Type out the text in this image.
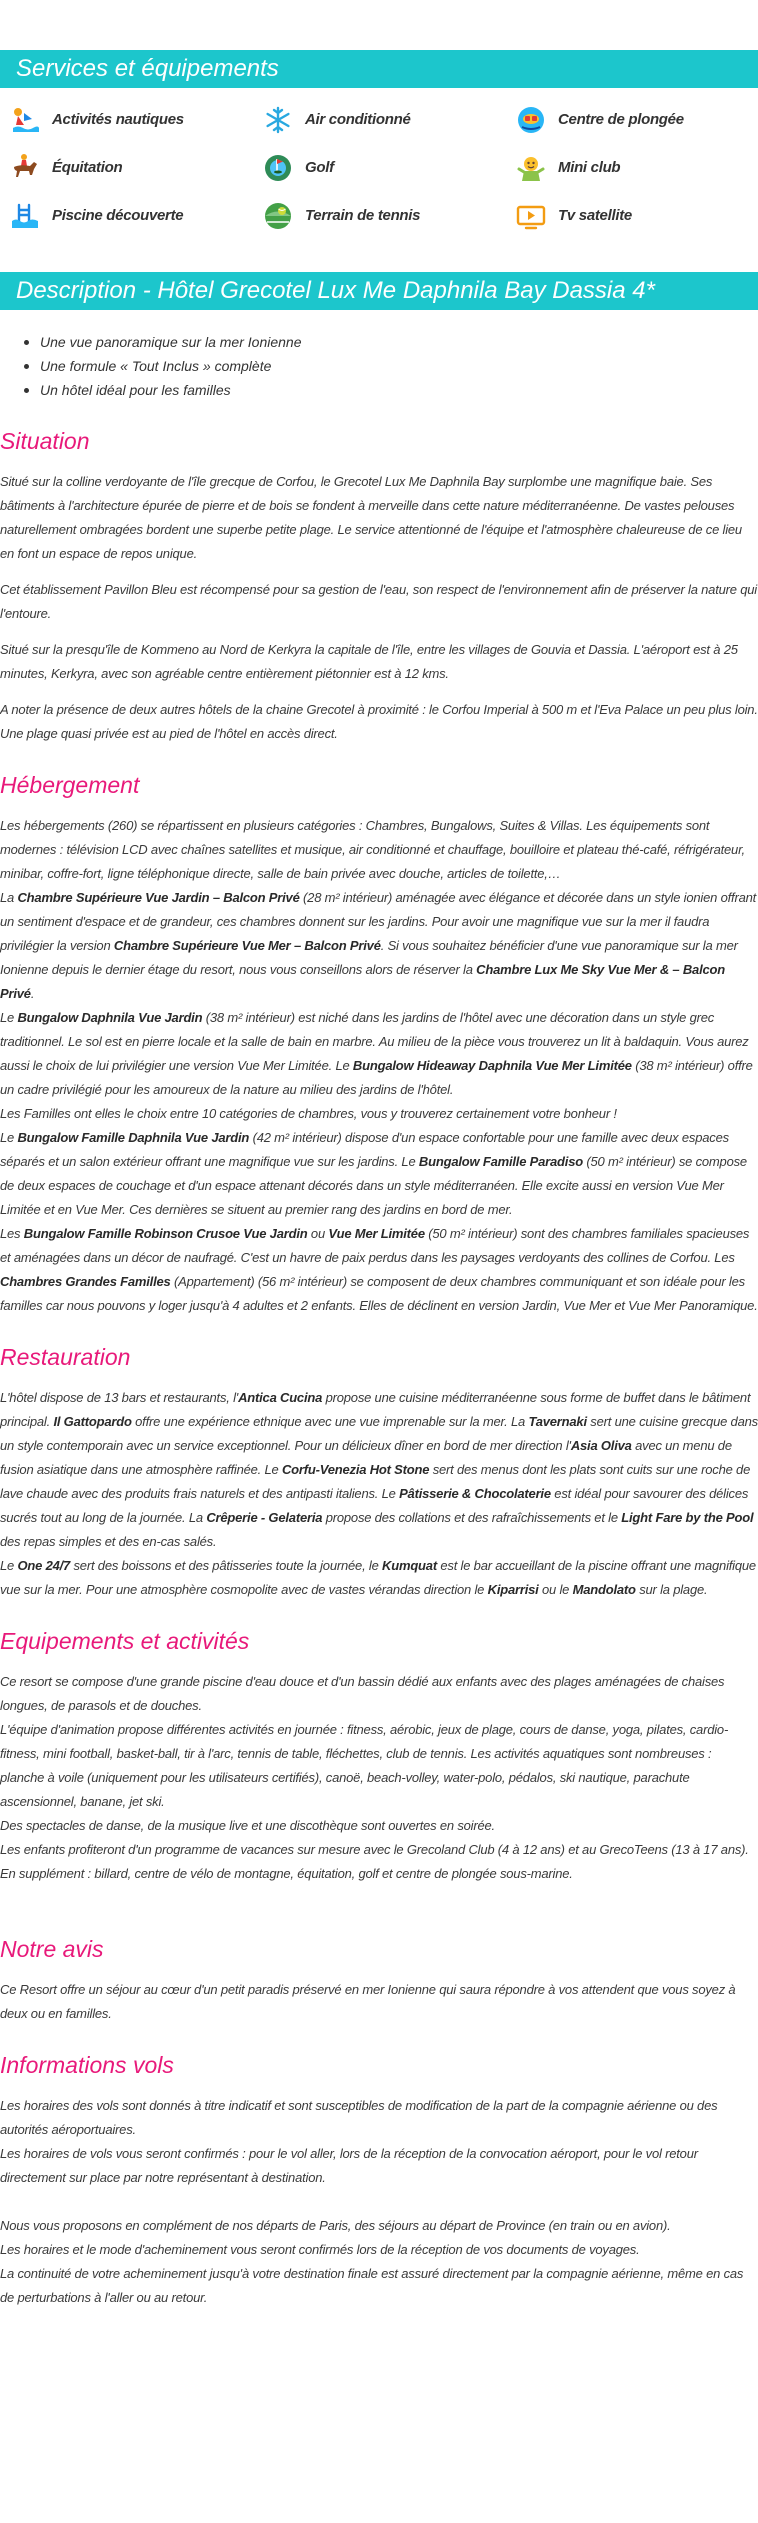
Services et équipements
Activités nautiques	Air conditionné	Centre de plongée
Équitation	Golf	Mini club
Piscine découverte	Terrain de tennis	Tv satellite
Description - Hôtel Grecotel Lux Me Daphnila Bay Dassia 4*
Une vue panoramique sur la mer Ionienne
Une formule « Tout Inclus » complète
Un hôtel idéal pour les familles
Situation

Situé sur la colline verdoyante de l'île grecque de Corfou, le Grecotel Lux Me Daphnila Bay surplombe une magnifique baie. Ses bâtiments à l'architecture épurée de pierre et de bois se fondent à merveille dans cette nature méditerranéenne. De vastes pelouses naturellement ombragées bordent une superbe petite plage. Le service attentionné de l'équipe et l'atmosphère chaleureuse de ce lieu en font un espace de repos unique.

Cet établissement Pavillon Bleu est récompensé pour sa gestion de l'eau, son respect de l'environnement afin de préserver la nature qui l'entoure.

Situé sur la presqu'île de Kommeno au Nord de Kerkyra la capitale de l'île, entre les villages de Gouvia et Dassia. L'aéroport est à 25 minutes, Kerkyra, avec son agréable centre entièrement piétonnier est à 12 kms.

A noter la présence de deux autres hôtels de la chaine Grecotel à proximité : le Corfou Imperial à 500 m et l'Eva Palace un peu plus loin. Une plage quasi privée est au pied de l'hôtel en accès direct.

Hébergement

Les hébergements (260) se répartissent en plusieurs catégories : Chambres, Bungalows, Suites & Villas. Les équipements sont modernes : télévision LCD avec chaînes satellites et musique, air conditionné et chauffage, bouilloire et plateau thé-café, réfrigérateur, minibar, coffre-fort, ligne téléphonique directe, salle de bain privée avec douche, articles de toilette,…

La Chambre Supérieure Vue Jardin – Balcon Privé (28 m² intérieur) aménagée avec élégance et décorée dans un style ionien offrant un sentiment d'espace et de grandeur, ces chambres donnent sur les jardins. Pour avoir une magnifique vue sur la mer il faudra privilégier la version Chambre Supérieure Vue Mer – Balcon Privé. Si vous souhaitez bénéficier d'une vue panoramique sur la mer Ionienne depuis le dernier étage du resort, nous vous conseillons alors de réserver la Chambre Lux Me Sky Vue Mer & – Balcon Privé.

Le Bungalow Daphnila Vue Jardin (38 m² intérieur) est niché dans les jardins de l'hôtel avec une décoration dans un style grec traditionnel. Le sol est en pierre locale et la salle de bain en marbre. Au milieu de la pièce vous trouverez un lit à baldaquin. Vous aurez aussi le choix de lui privilégier une version Vue Mer Limitée. Le Bungalow Hideaway Daphnila Vue Mer Limitée (38 m² intérieur) offre un cadre privilégié pour les amoureux de la nature au milieu des jardins de l'hôtel.

Les Familles ont elles le choix entre 10 catégories de chambres, vous y trouverez certainement votre bonheur !

Le Bungalow Famille Daphnila Vue Jardin (42 m² intérieur) dispose d'un espace confortable pour une famille avec deux espaces séparés et un salon extérieur offrant une magnifique vue sur les jardins. Le Bungalow Famille Paradiso (50 m² intérieur) se compose de deux espaces de couchage et d'un espace attenant décorés dans un style méditerranéen. Elle excite aussi en version Vue Mer Limitée et en Vue Mer. Ces dernières se situent au premier rang des jardins en bord de mer.

Les Bungalow Famille Robinson Crusoe Vue Jardin ou Vue Mer Limitée (50 m² intérieur) sont des chambres familiales spacieuses et aménagées dans un décor de naufragé. C'est un havre de paix perdus dans les paysages verdoyants des collines de Corfou. Les Chambres Grandes Familles (Appartement) (56 m² intérieur) se composent de deux chambres communiquant et son idéale pour les familles car nous pouvons y loger jusqu'à 4 adultes et 2 enfants. Elles de déclinent en version Jardin, Vue Mer et Vue Mer Panoramique.

Restauration

L'hôtel dispose de 13 bars et restaurants, l'Antica Cucina propose une cuisine méditerranéenne sous forme de buffet dans le bâtiment principal. Il Gattopardo offre une expérience ethnique avec une vue imprenable sur la mer. La Tavernaki sert une cuisine grecque dans un style contemporain avec un service exceptionnel. Pour un délicieux dîner en bord de mer direction l'Asia Oliva avec un menu de fusion asiatique dans une atmosphère raffinée. Le Corfu-Venezia Hot Stone sert des menus dont les plats sont cuits sur une roche de lave chaude avec des produits frais naturels et des antipasti italiens. Le Pâtisserie & Chocolaterie est idéal pour savourer des délices sucrés tout au long de la journée. La Crêperie - Gelateria propose des collations et des rafraîchissements et le Light Fare by the Pool des repas simples et des en-cas salés.

Le One 24/7 sert des boissons et des pâtisseries toute la journée, le Kumquat est le bar accueillant de la piscine offrant une magnifique vue sur la mer. Pour une atmosphère cosmopolite avec de vastes vérandas direction le Kiparrisi ou le Mandolato sur la plage.

Equipements et activités

Ce resort se compose d'une grande piscine d'eau douce et d'un bassin dédié aux enfants avec des plages aménagées de chaises longues, de parasols et de douches.

L'équipe d'animation propose différentes activités en journée : fitness, aérobic, jeux de plage, cours de danse, yoga, pilates, cardio-fitness, mini football, basket-ball, tir à l'arc, tennis de table, fléchettes, club de tennis. Les activités aquatiques sont nombreuses : planche à voile (uniquement pour les utilisateurs certifiés), canoë, beach-volley, water-polo, pédalos, ski nautique, parachute ascensionnel, banane, jet ski.

Des spectacles de danse, de la musique live et une discothèque sont ouvertes en soirée.

Les enfants profiteront d'un programme de vacances sur mesure avec le Grecoland Club (4 à 12 ans) et au GrecoTeens (13 à 17 ans).

En supplément : billard, centre de vélo de montagne, équitation, golf et centre de plongée sous-marine.

Notre avis

Ce Resort offre un séjour au cœur d'un petit paradis préservé en mer Ionienne qui saura répondre à vos attendent que vous soyez à deux ou en familles.

Informations vols

Les horaires des vols sont donnés à titre indicatif et sont susceptibles de modification de la part de la compagnie aérienne ou des autorités aéroportuaires.

Les horaires de vols vous seront confirmés : pour le vol aller, lors de la réception de la convocation aéroport, pour le vol retour directement sur place par notre représentant à destination.

Nous vous proposons en complément de nos départs de Paris, des séjours au départ de Province (en train ou en avion).

Les horaires et le mode d'acheminement vous seront confirmés lors de la réception de vos documents de voyages.

La continuité de votre acheminement jusqu'à votre destination finale est assuré directement par la compagnie aérienne, même en cas de perturbations à l'aller ou au retour.
